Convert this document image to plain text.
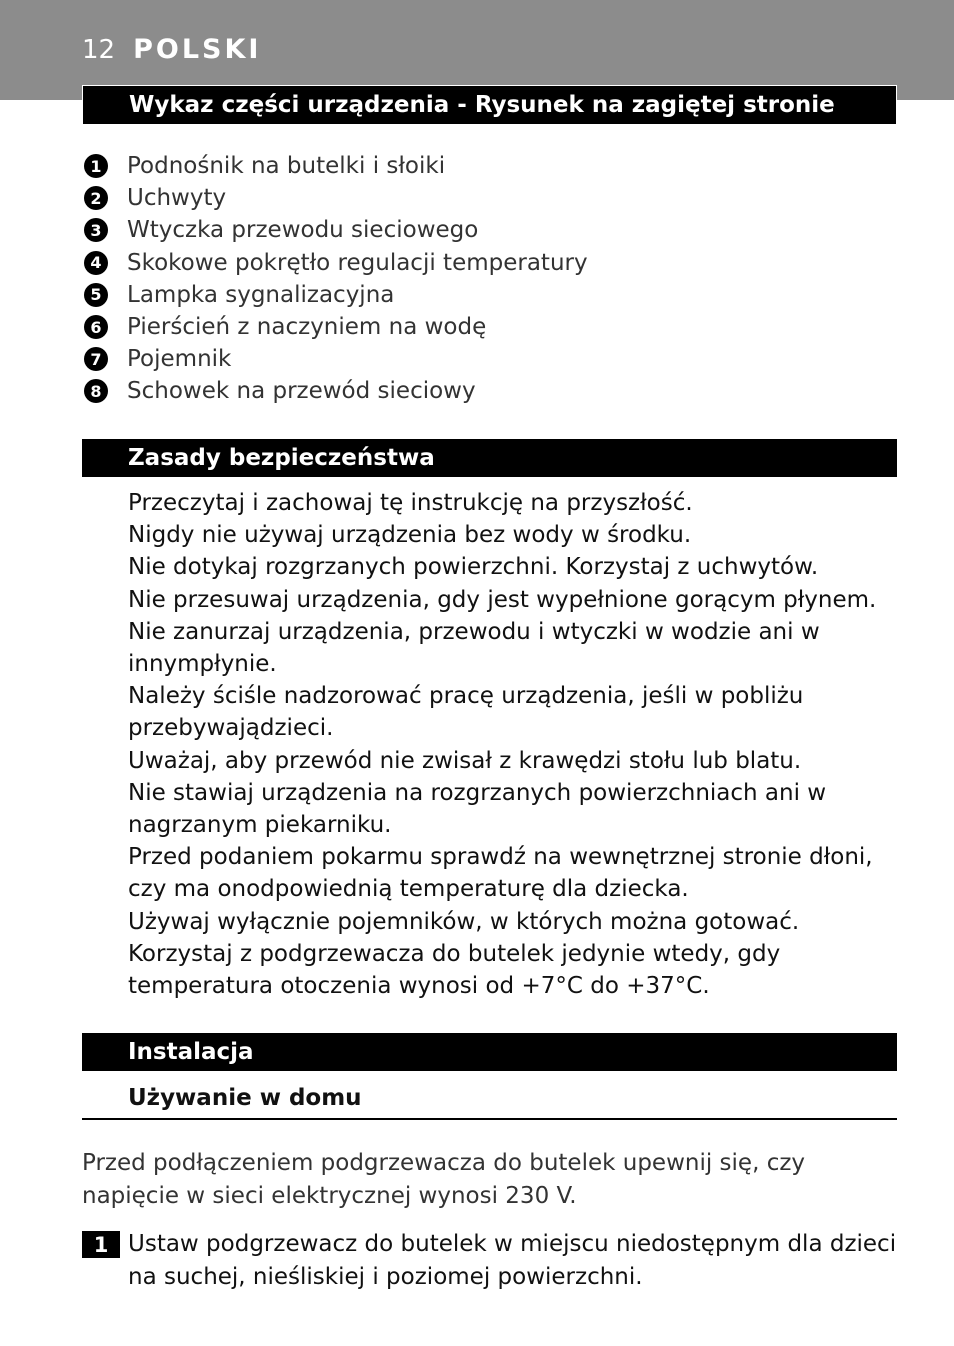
12 POLSKI
Wykaz części urządzenia - Rysunek na zagiętej stronie
1 Podnośnik na butelki i słoiki
2 Uchwyty
3 Wtyczka przewodu sieciowego
4 Skokowe pokrętło regulacji temperatury
5 Lampka sygnalizacyjna
6 Pierścień z naczyniem na wodę
7 Pojemnik
8 Schowek na przewód sieciowy
Zasady bezpieczeństwa
Przeczytaj i zachowaj tę instrukcję na przyszłość.
Nigdy nie używaj urządzenia bez wody w środku.
Nie dotykaj rozgrzanych powierzchni. Korzystaj z uchwytów.
Nie przesuwaj urządzenia, gdy jest wypełnione gorącym płynem.
Nie zanurzaj urządzenia, przewodu i wtyczki w wodzie ani w
innympłynie.
Należy ściśle nadzorować pracę urządzenia, jeśli w pobliżu
przebywajądzieci.
Uważaj, aby przewód nie zwisał z krawędzi stołu lub blatu.
Nie stawiaj urządzenia na rozgrzanych powierzchniach ani w
nagrzanym piekarniku.
Przed podaniem pokarmu sprawdź na wewnętrznej stronie dłoni,
czy ma onodpowiednią temperaturę dla dziecka.
Używaj wyłącznie pojemników, w których można gotować.
Korzystaj z podgrzewacza do butelek jedynie wtedy, gdy
temperatura otoczenia wynosi od +7°C do +37°C.
Instalacja
Używanie w domu

Przed podłączeniem podgrzewacza do butelek upewnij się, czy napięcie w sieci elektrycznej wynosi 230 V.

1 Ustaw podgrzewacz do butelek w miejscu niedostępnym dla dzieci na suchej, nieśliskiej i poziomej powierzchni.
